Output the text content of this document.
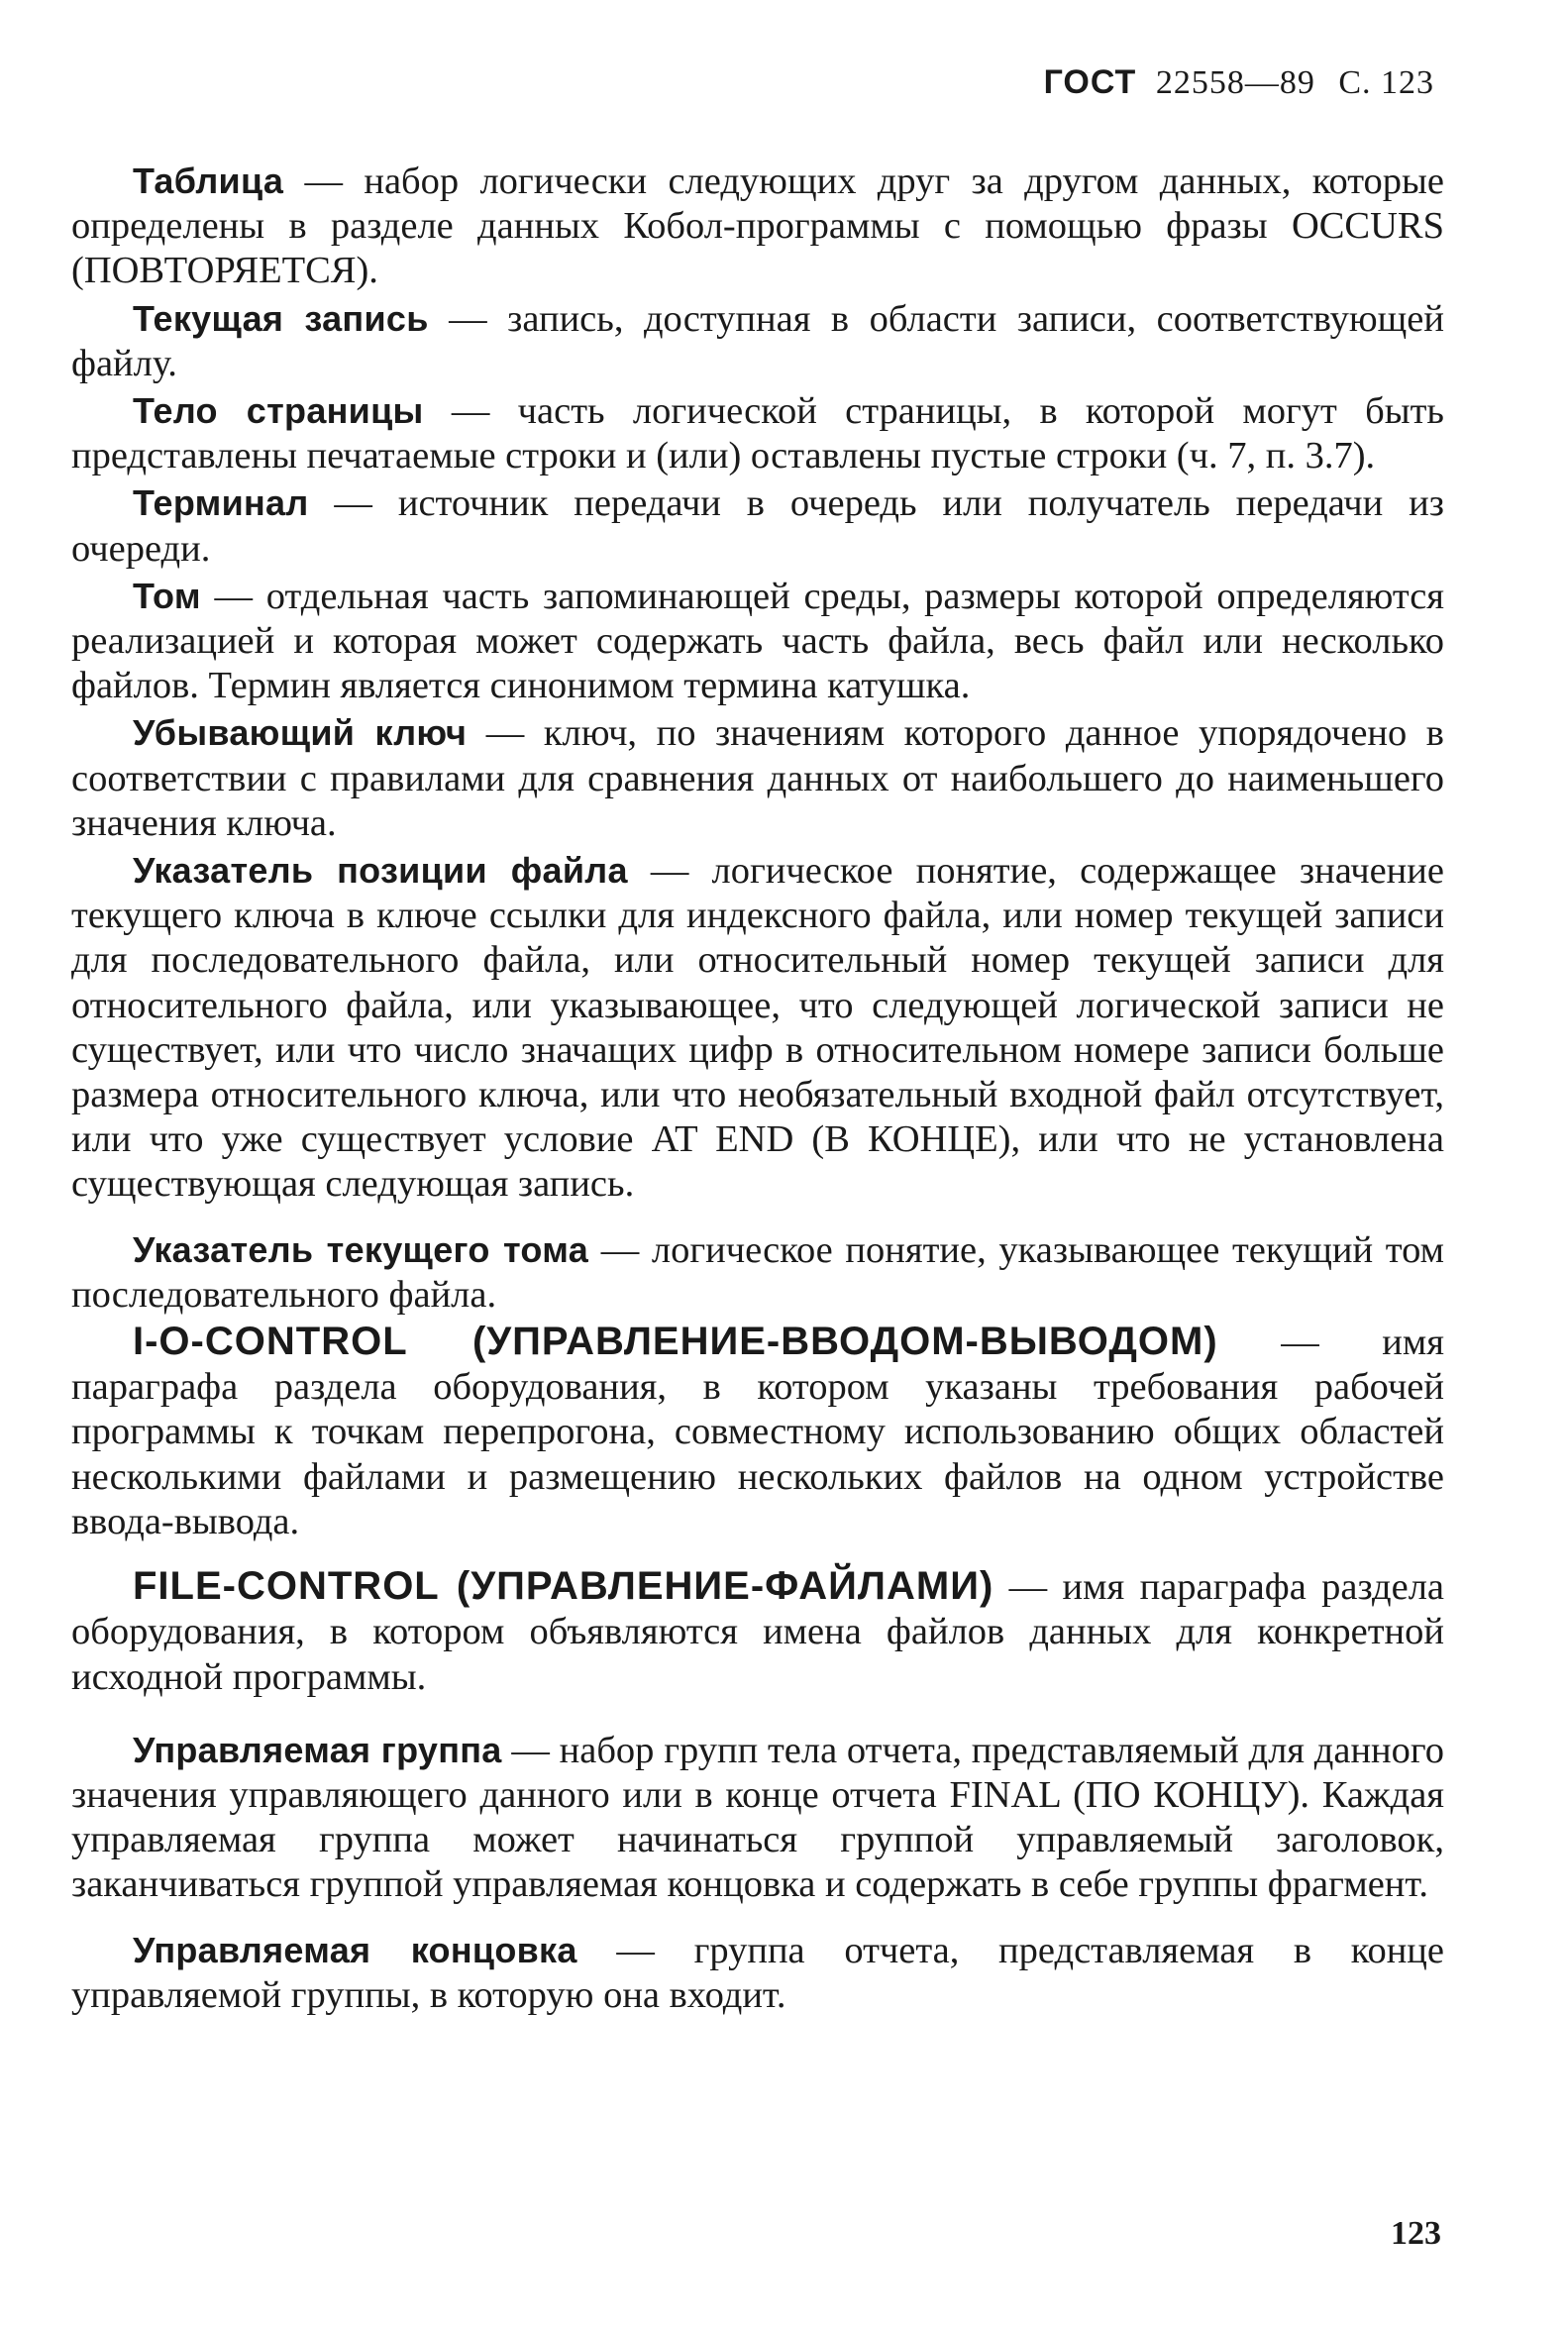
ГОСТ 22558—89 С. 123

Таблица — набор логически следующих друг за другом данных, которые определены в разделе данных Кобол-программы с помощью фразы OCCURS (ПОВТОРЯЕТСЯ).

Текущая запись — запись, доступная в области записи, соответствующей файлу.

Тело страницы — часть логической страницы, в которой могут быть представлены печатаемые строки и (или) оставлены пустые строки (ч. 7, п. 3.7).

Терминал — источник передачи в очередь или получатель передачи из очереди.

Том — отдельная часть запоминающей среды, размеры которой определяются реализацией и которая может содержать часть файла, весь файл или несколько файлов. Термин является синонимом термина катушка.

Убывающий ключ — ключ, по значениям которого данное упорядочено в соответствии с правилами для сравнения данных от наибольшего до наименьшего значения ключа.

Указатель позиции файла — логическое понятие, содержащее значение текущего ключа в ключе ссылки для индексного файла, или номер текущей записи для последовательного файла, или относительный номер текущей записи для относительного файла, или указывающее, что следующей логической записи не существует, или что число значащих цифр в относительном номере записи больше размера относительного ключа, или что необязательный входной файл отсутствует, или что уже существует условие AT END (В КОНЦЕ), или что не установлена существующая следующая запись.

Указатель текущего тома — логическое понятие, указывающее текущий том последовательного файла.

I-O-CONTROL (УПРАВЛЕНИЕ-ВВОДОМ-ВЫВОДОМ) — имя параграфа раздела оборудования, в котором указаны требования рабочей программы к точкам перепрогона, совместному использованию общих областей несколькими файлами и размещению нескольких файлов на одном устройстве ввода-вывода.

FILE-CONTROL (УПРАВЛЕНИЕ-ФАЙЛАМИ) — имя параграфа раздела оборудования, в котором объявляются имена файлов данных для конкретной исходной программы.

Управляемая группа — набор групп тела отчета, представляемый для данного значения управляющего данного или в конце отчета FINAL (ПО КОНЦУ). Каждая управляемая группа может начинаться группой управляемый заголовок, заканчиваться группой управляемая концовка и содержать в себе группы фрагмент.

Управляемая концовка — группа отчета, представляемая в конце управляемой группы, в которую она входит.

123
